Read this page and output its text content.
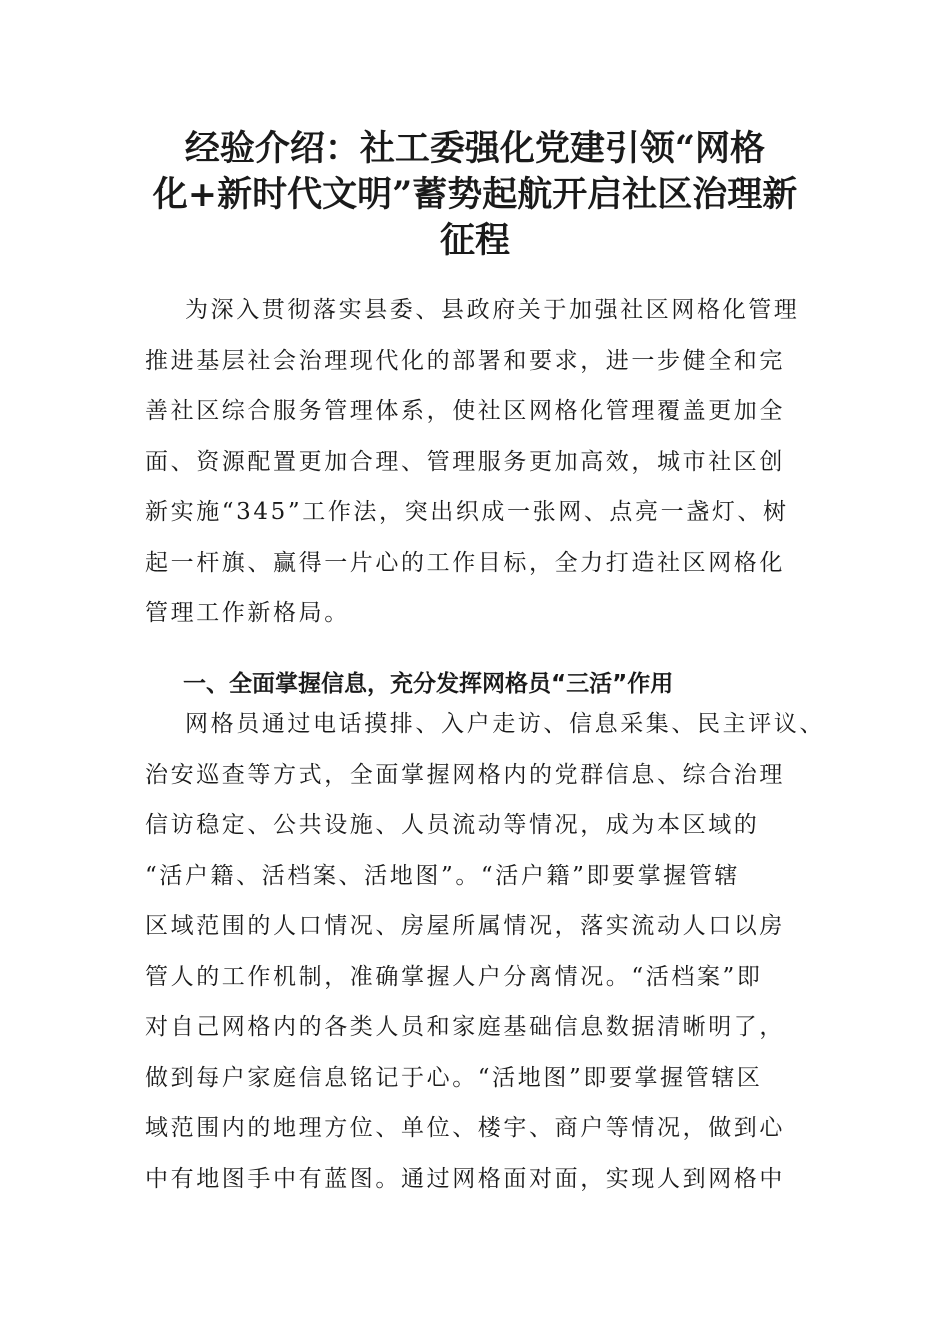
经验介绍：社工委强化党建引领“网格
化+新时代文明”蓄势起航开启社区治理新
征程
为深入贯彻落实县委、县政府关于加强社区网格化管理
推进基层社会治理现代化的部署和要求，进一步健全和完
善社区综合服务管理体系，使社区网格化管理覆盖更加全
面、资源配置更加合理、管理服务更加高效，城市社区创
新实施“345”工作法，突出织成一张网、点亮一盏灯、树
起一杆旗、赢得一片心的工作目标，全力打造社区网格化
管理工作新格局。
一、全面掌握信息，充分发挥网格员“三活”作用
网格员通过电话摸排、入户走访、信息采集、民主评议、
治安巡查等方式，全面掌握网格内的党群信息、综合治理
信访稳定、公共设施、人员流动等情况，成为本区域的
“活户籍、活档案、活地图”。“活户籍”即要掌握管辖
区域范围的人口情况、房屋所属情况，落实流动人口以房
管人的工作机制，准确掌握人户分离情况。“活档案”即
对自己网格内的各类人员和家庭基础信息数据清晰明了，
做到每户家庭信息铭记于心。“活地图”即要掌握管辖区
域范围内的地理方位、单位、楼宇、商户等情况，做到心
中有地图手中有蓝图。通过网格面对面，实现人到网格中
